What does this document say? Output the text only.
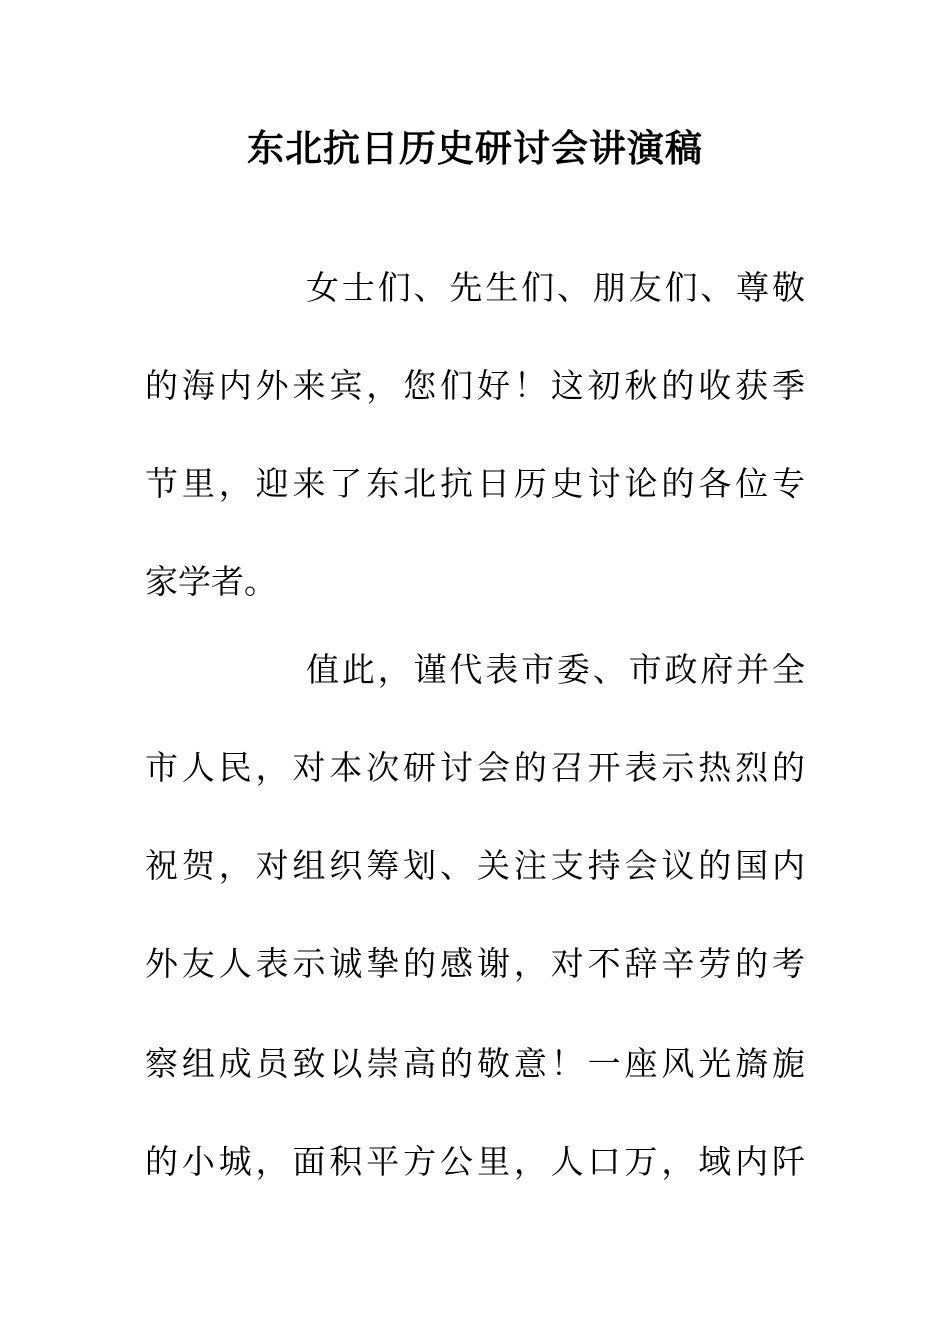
东北抗日历史研讨会讲演稿

女士们、先生们、朋友们、尊敬

的海内外来宾，您们好！这初秋的收获季

节里，迎来了东北抗日历史讨论的各位专

家学者。

值此，谨代表市委、市政府并全

市人民，对本次研讨会的召开表示热烈的

祝贺，对组织筹划、关注支持会议的国内

外友人表示诚挚的感谢，对不辞辛劳的考

察组成员致以崇高的敬意！一座风光旖旎

的小城，面积平方公里，人口万，域内阡
